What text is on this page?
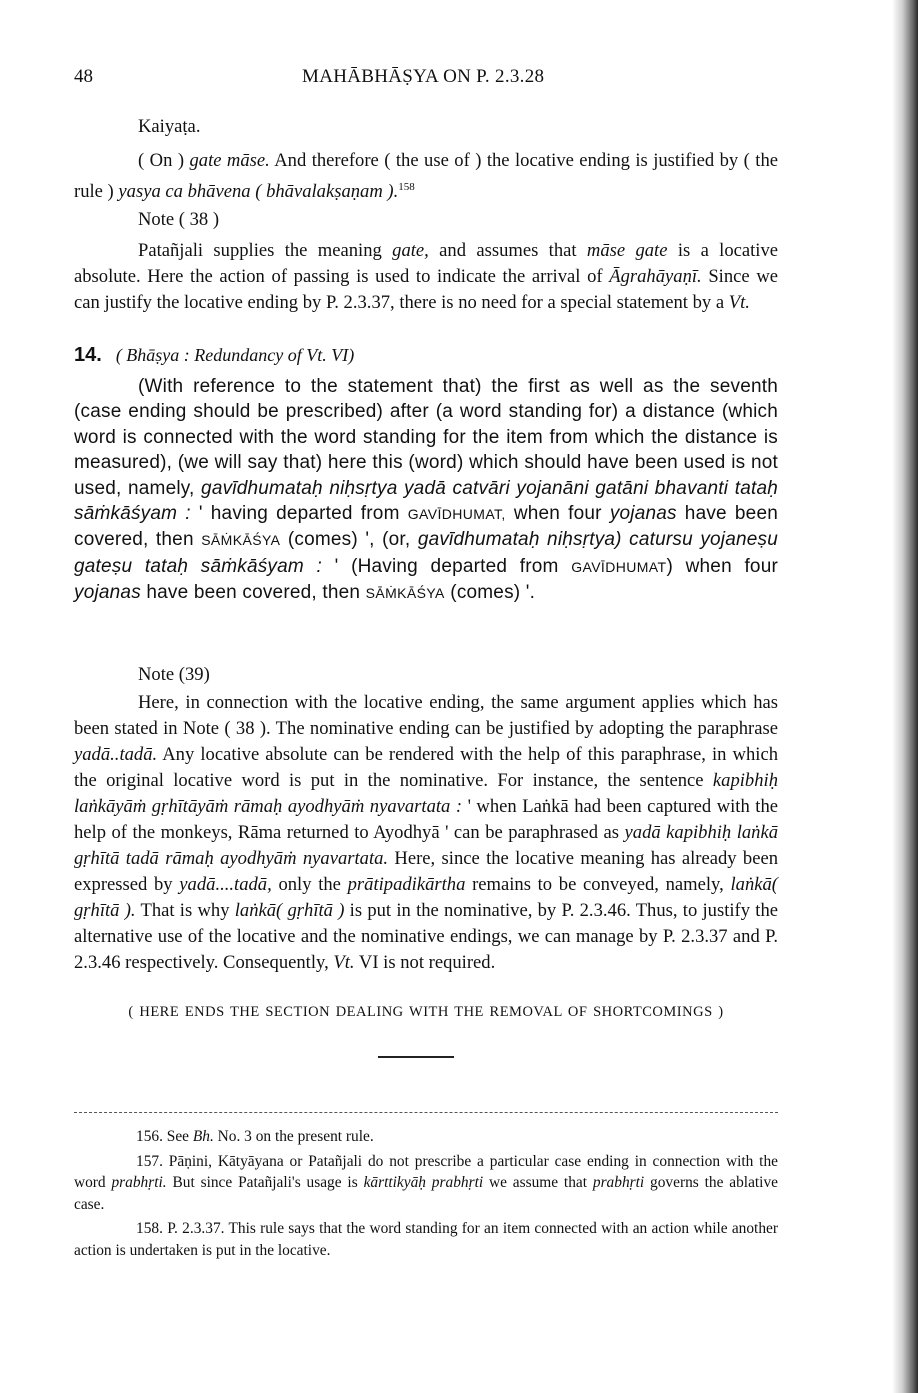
48	MAHĀBHĀṢYA ON P. 2.3.28

Kaiyaṭa.

( On ) gate māse. And therefore ( the use of ) the locative ending is justified by ( the rule ) yasya ca bhāvena ( bhāvalakṣaṇam ).$^{158}$

Note ( 38 )

Patañjali supplies the meaning gate, and assumes that māse gate is a locative absolute. Here the action of passing is used to indicate the arrival of Āgrahāyaṇī. Since we can justify the locative ending by P. 2.3.37, there is no need for a special statement by a Vt.

14. ( Bhāṣya : Redundancy of Vt. VI)

(With reference to the statement that) the first as well as the seventh (case ending should be prescribed) after (a word standing for) a distance (which word is connected with the word standing for the item from which the distance is measured), (we will say that) here this (word) which should have been used is not used, namely, gavīdhumataḥ niḥsṛtya yadā catvāri yojanāni gatāni bhavanti tataḥ sāṁkāśyam : ' having departed from GAVĪDHUMAT, when four yojanas have been covered, then SĀṀKĀŚYA (comes) ', (or, gavīdhumataḥ niḥsṛtya) catursu yojaneṣu gateṣu tataḥ sāṁkāśyam : ' (Having departed from GAVĪDHUMAT) when four yojanas have been covered, then SĀṀKĀŚYA (comes) '.

Note (39)

Here, in connection with the locative ending, the same argument applies which has been stated in Note ( 38 ). The nominative ending can be justified by adopting the paraphrase yadā..tadā. Any locative absolute can be rendered with the help of this paraphrase, in which the original locative word is put in the nominative. For instance, the sentence kapibhiḥ laṅkāyāṁ gṛhītāyāṁ rāmaḥ ayodhyāṁ nyavartata : ' when Laṅkā had been captured with the help of the monkeys, Rāma returned to Ayodhyā ' can be paraphrased as yadā kapibhiḥ laṅkā gṛhītā tadā rāmaḥ ayodhyāṁ nyavartata. Here, since the locative meaning has already been expressed by yadā....tadā, only the prātipadikārtha remains to be conveyed, namely, laṅkā( gṛhītā ). That is why laṅkā( gṛhītā ) is put in the nominative, by P. 2.3.46. Thus, to justify the alternative use of the locative and the nominative endings, we can manage by P. 2.3.37 and P. 2.3.46 respectively. Consequently, Vt. VI is not required.

( HERE ENDS THE SECTION DEALING WITH THE REMOVAL OF SHORTCOMINGS )

156. See Bh. No. 3 on the present rule.

157. Pāṇini, Kātyāyana or Patañjali do not prescribe a particular case ending in connection with the word prabhṛti. But since Patañjali's usage is kārttikyāḥ prabhṛti we assume that prabhṛti governs the ablative case.

158. P. 2.3.37. This rule says that the word standing for an item connected with an action while another action is undertaken is put in the locative.
